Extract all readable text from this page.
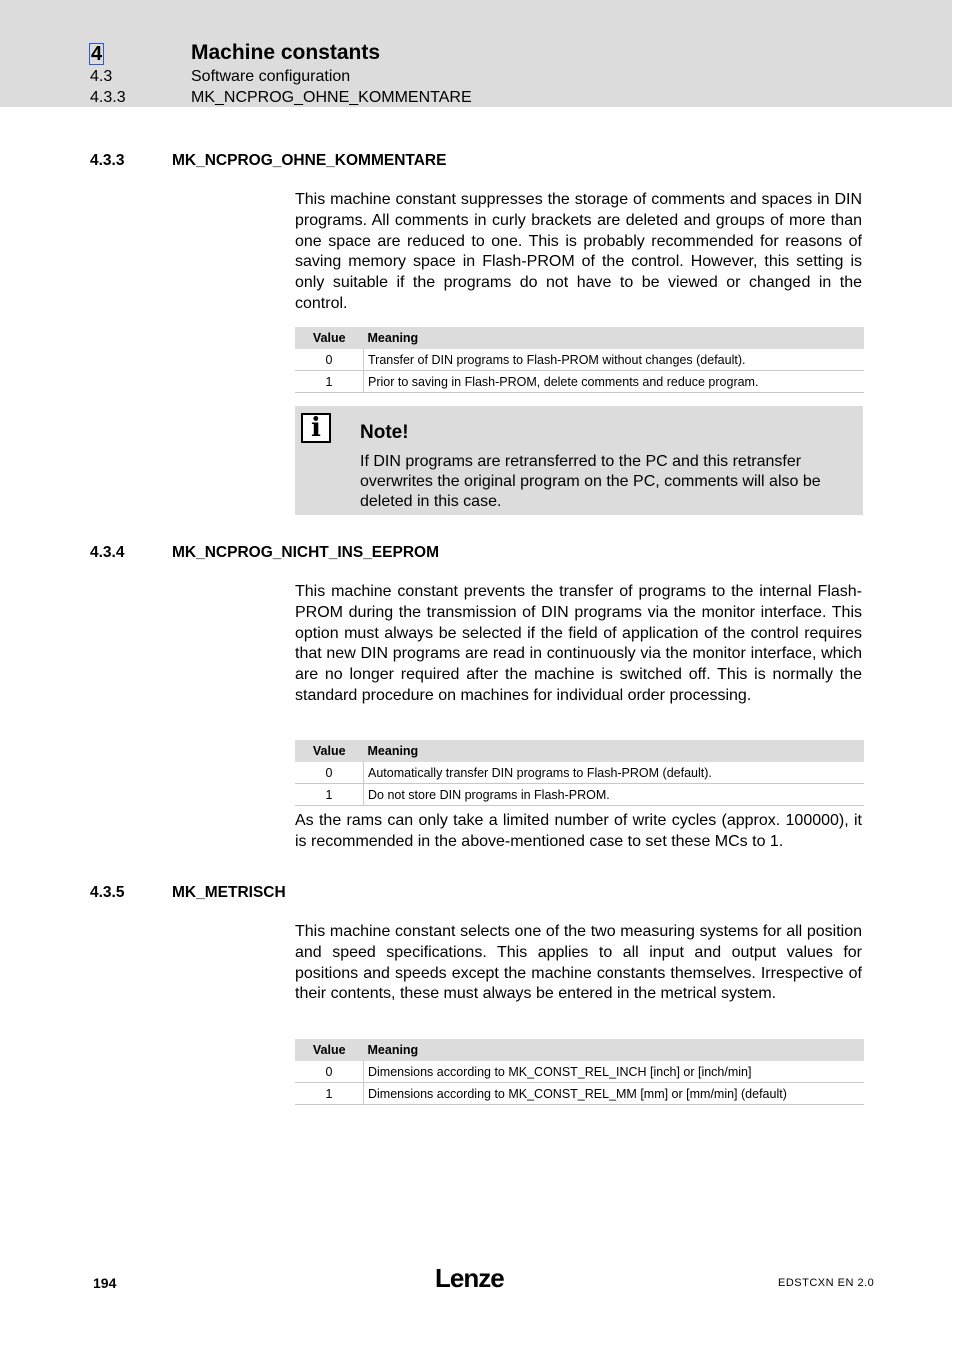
4	Machine constants
4.3	Software configuration
4.3.3	MK_NCPROG_OHNE_KOMMENTARE
4.3.3	MK_NCPROG_OHNE_KOMMENTARE

This machine constant suppresses the storage of comments and spaces in DIN programs. All comments in curly brackets are deleted and groups of more than one space are reduced to one. This is probably recommended for reasons of saving memory space in Flash-PROM of the control. However, this setting is only suitable if the programs do not have to be viewed or changed in the control.

Value	Meaning
0	Transfer of DIN programs to Flash-PROM without changes (default).
1	Prior to saving in Flash-PROM, delete comments and reduce program.
i	Note!
If DIN programs are retransferred to the PC and this retransfer overwrites the original program on the PC, comments will also be deleted in this case.
4.3.4	MK_NCPROG_NICHT_INS_EEPROM

This machine constant prevents the transfer of programs to the internal Flash-PROM during the transmission of DIN programs via the monitor interface. This option must always be selected if the field of application of the control requires that new DIN programs are read in continuously via the monitor interface, which are no longer required after the machine is switched off. This is normally the standard procedure on machines for individual order processing.

Value	Meaning
0	Automatically transfer DIN programs to Flash-PROM (default).
1	Do not store DIN programs in Flash-PROM.

As the rams can only take a limited number of write cycles (approx. 100000), it is recommended in the above-mentioned case to set these MCs to 1.

4.3.5	MK_METRISCH

This machine constant selects one of the two measuring systems for all position and speed specifications. This applies to all input and output values for positions and speeds except the machine constants themselves. Irrespective of their contents, these must always be entered in the metrical system.

Value	Meaning
0	Dimensions according to MK_CONST_REL_INCH [inch] or [inch/min]
1	Dimensions according to MK_CONST_REL_MM [mm] or [mm/min] (default)
194	Lenze	EDSTCXN EN 2.0
